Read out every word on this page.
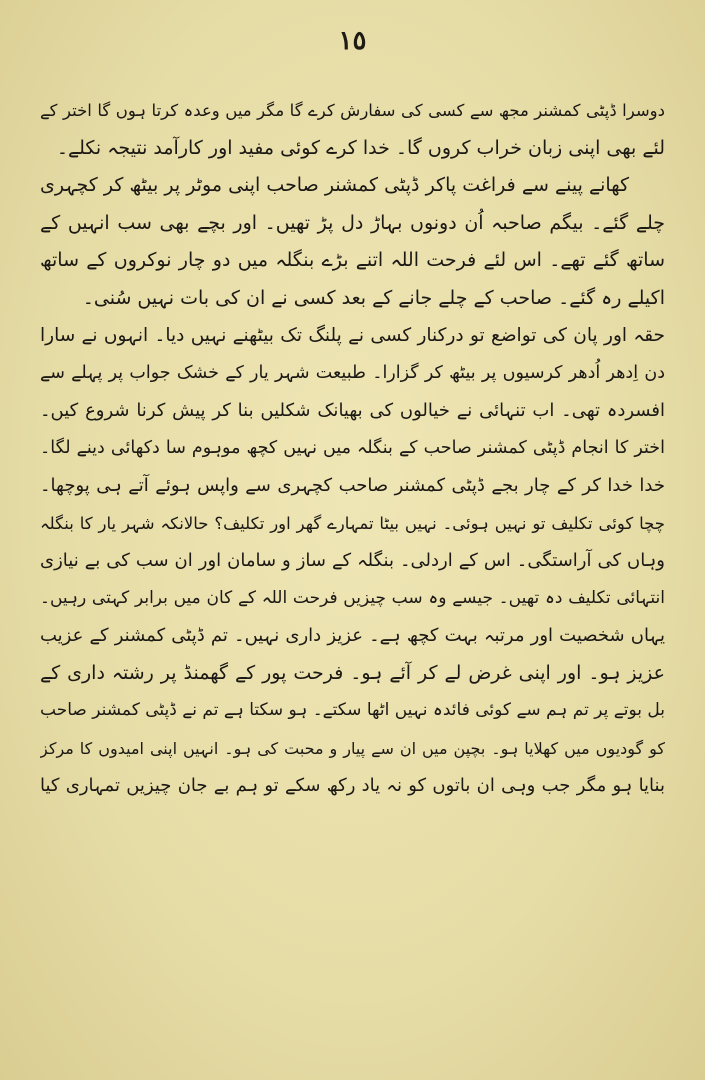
١٥
دوسرا ڈپٹی کمشنر مجھ سے کسی کی سفارش کرے گا مگر میں وعدہ کرتا ہوں گا اختر کے
لئے بھی اپنی زبان خراب کروں گا۔ خدا کرے کوئی مفید اور کارآمد نتیجہ نکلے۔
کھانے پینے سے فراغت پاکر ڈپٹی کمشنر صاحب اپنی موٹر پر بیٹھ کر کچہری
چلے گئے۔ بیگم صاحبہ اُن دونوں بہاڑ دل پڑ تھیں۔ اور بچے بھی سب انہیں کے
ساتھ گئے تھے۔ اس لئے فرحت اللہ اتنے بڑے بنگلہ میں دو چار نوکروں کے ساتھ
اکیلے رہ گئے۔ صاحب کے چلے جانے کے بعد کسی نے ان کی بات نہیں سُنی۔
حقہ اور پان کی تواضع تو درکنار کسی نے پلنگ تک بیٹھنے نہیں دیا۔ انہوں نے سارا
دن اِدھر اُدھر کرسیوں پر بیٹھ کر گزارا۔ طبیعت شہر یار کے خشک جواب پر پہلے سے
افسردہ تھی۔ اب تنہائی نے خیالوں کی بھیانک شکلیں بنا کر پیش کرنا شروع کیں۔
اختر کا انجام ڈپٹی کمشنر صاحب کے بنگلہ میں نہیں کچھ موہوم سا دکھائی دینے لگا۔
خدا خدا کر کے چار بجے ڈپٹی کمشنر صاحب کچہری سے واپس ہوئے آتے ہی پوچھا۔
چچا کوئی تکلیف تو نہیں ہوئی۔ نہیں بیٹا تمہارے گھر اور تکلیف؟ حالانکہ شہر یار کا بنگلہ
وہاں کی آراستگی۔ اس کے اردلی۔ بنگلہ کے ساز و سامان اور ان سب کی بے نیازی
انتہائی تکلیف دہ تھیں۔ جیسے وہ سب چیزیں فرحت اللہ کے کان میں برابر کہتی رہیں۔
یہاں شخصیت اور مرتبہ بہت کچھ ہے۔ عزیز داری نہیں۔ تم ڈپٹی کمشنر کے عزیب
عزیز ہو۔ اور اپنی غرض لے کر آئے ہو۔ فرحت پور کے گھمنڈ پر رشتہ داری کے
بل بوتے پر تم ہم سے کوئی فائدہ نہیں اٹھا سکتے۔ ہو سکتا ہے تم نے ڈپٹی کمشنر صاحب
کو گودیوں میں کھلایا ہو۔ بچپن میں ان سے پیار و محبت کی ہو۔ انہیں اپنی امیدوں کا مرکز
بنایا ہو مگر جب وہی ان باتوں کو نہ یاد رکھ سکے تو ہم بے جان چیزیں تمہاری کیا
